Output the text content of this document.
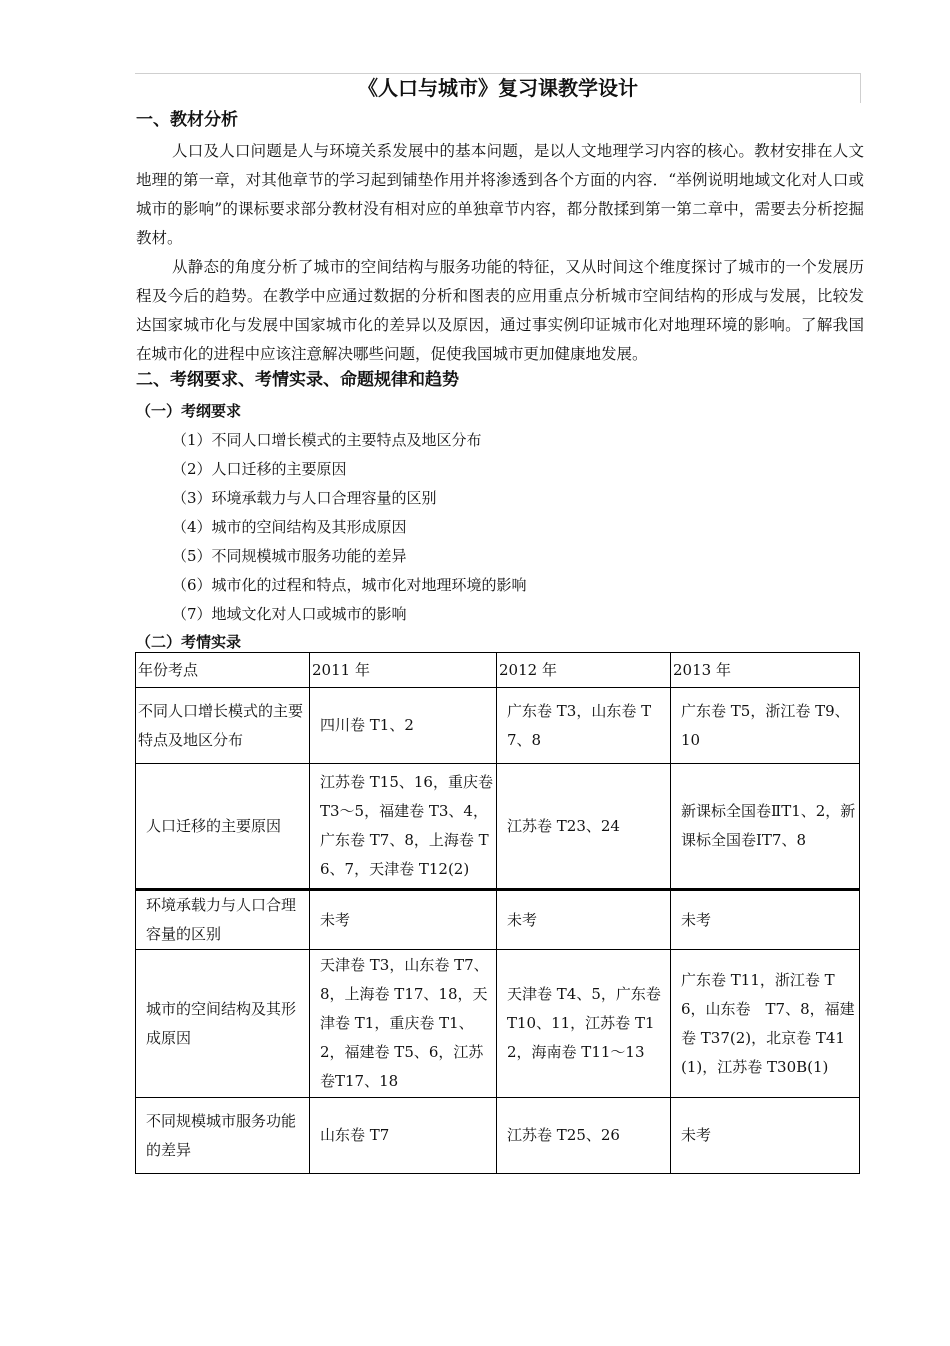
《人口与城市》复习课教学设计
一、教材分析
人口及人口问题是人与环境关系发展中的基本问题，是以人文地理学习内容的核心。教材安排在人文地理的第一章，对其他章节的学习起到铺垫作用并将渗透到各个方面的内容．“举例说明地域文化对人口或城市的影响”的课标要求部分教材没有相对应的单独章节内容，都分散揉到第一第二章中，需要去分析挖掘教材。
从静态的角度分析了城市的空间结构与服务功能的特征，又从时间这个维度探讨了城市的一个发展历程及今后的趋势。在教学中应通过数据的分析和图表的应用重点分析城市空间结构的形成与发展，比较发达国家城市化与发展中国家城市化的差异以及原因，通过事实例印证城市化对地理环境的影响。了解我国在城市化的进程中应该注意解决哪些问题，促使我国城市更加健康地发展。
二、考纲要求、考情实录、命题规律和趋势
（一）考纲要求
（1）不同人口增长模式的主要特点及地区分布
（2）人口迁移的主要原因
（3）环境承载力与人口合理容量的区别
（4）城市的空间结构及其形成原因
（5）不同规模城市服务功能的差异
（6）城市化的过程和特点，城市化对地理环境的影响
（7）地域文化对人口或城市的影响
（二）考情实录
年份考点	2011 年	2012 年	2013 年
不同人口增长模式的主要特点及地区分布	四川卷 T1、2	广东卷 T3，山东卷 T7、8	广东卷 T5，浙江卷 T9、10
人口迁移的主要原因	江苏卷 T15、16，重庆卷 T3～5，福建卷 T3、4，广东卷 T7、8，上海卷 T6、7，天津卷 T12(2)	江苏卷 T23、24	新课标全国卷ⅡT1、2，新课标全国卷ⅠT7、8
环境承载力与人口合理容量的区别	未考	未考	未考
城市的空间结构及其形成原因	天津卷 T3，山东卷 T7、8，上海卷 T17、18，天津卷 T1，重庆卷 T1、2，福建卷 T5、6，江苏卷T17、18	天津卷 T4、5，广东卷 T10、11，江苏卷 T12，海南卷 T11～13	广东卷 T11，浙江卷 T6，山东卷　T7、8，福建卷 T37(2)，北京卷 T41(1)，江苏卷 T30B(1)
不同规模城市服务功能的差异	山东卷 T7	江苏卷 T25、26	未考
